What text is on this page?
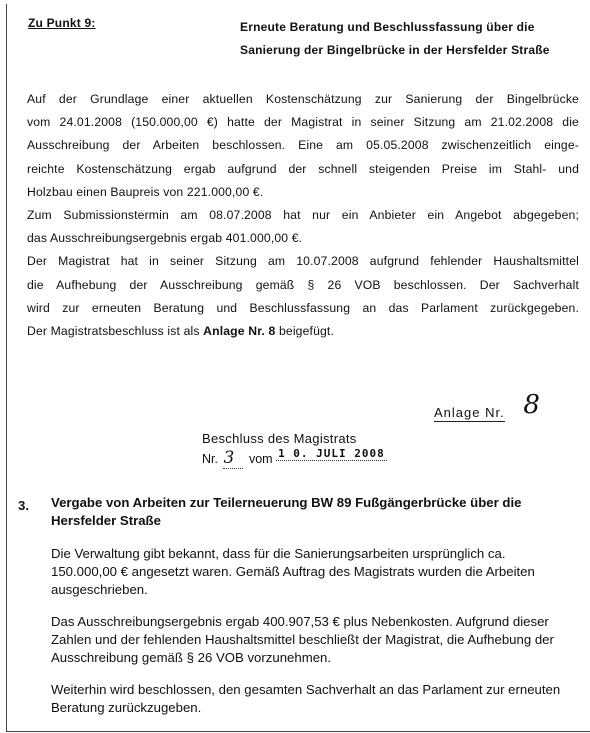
Zu Punkt 9:	Erneute Beratung und Beschlussfassung über die
Sanierung der Bingelbrücke in der Hersfelder Straße
Auf der Grundlage einer aktuellen Kostenschätzung zur Sanierung der Bingelbrücke
vom 24.01.2008 (150.000,00 €) hatte der Magistrat in seiner Sitzung am 21.02.2008 die
Ausschreibung der Arbeiten beschlossen. Eine am 05.05.2008 zwischenzeitlich einge-
reichte Kostenschätzung ergab aufgrund der schnell steigenden Preise im Stahl- und
Holzbau einen Baupreis von 221.000,00 €.
Zum Submissionstermin am 08.07.2008 hat nur ein Anbieter ein Angebot abgegeben;
das Ausschreibungsergebnis ergab 401.000,00 €.
Der Magistrat hat in seiner Sitzung am 10.07.2008 aufgrund fehlender Haushaltsmittel
die Aufhebung der Ausschreibung gemäß § 26 VOB beschlossen. Der Sachverhalt
wird zur erneuten Beratung und Beschlussfassung an das Parlament zurückgegeben.
Der Magistratsbeschluss ist als Anlage Nr. 8 beigefügt.
Anlage Nr. 8
Beschluss des Magistrats
Nr. 3 vom 1 0. JULI 2008
3. Vergabe von Arbeiten zur Teilerneuerung BW 89 Fußgängerbrücke über die Hersfelder Straße

Die Verwaltung gibt bekannt, dass für die Sanierungsarbeiten ursprünglich ca. 150.000,00 € angesetzt waren. Gemäß Auftrag des Magistrats wurden die Arbeiten ausgeschrieben.

Das Ausschreibungsergebnis ergab 400.907,53 € plus Nebenkosten. Aufgrund dieser Zahlen und der fehlenden Haushaltsmittel beschließt der Magistrat, die Aufhebung der Ausschreibung gemäß § 26 VOB vorzunehmen.

Weiterhin wird beschlossen, den gesamten Sachverhalt an das Parlament zur erneuten Beratung zurückzugeben.
